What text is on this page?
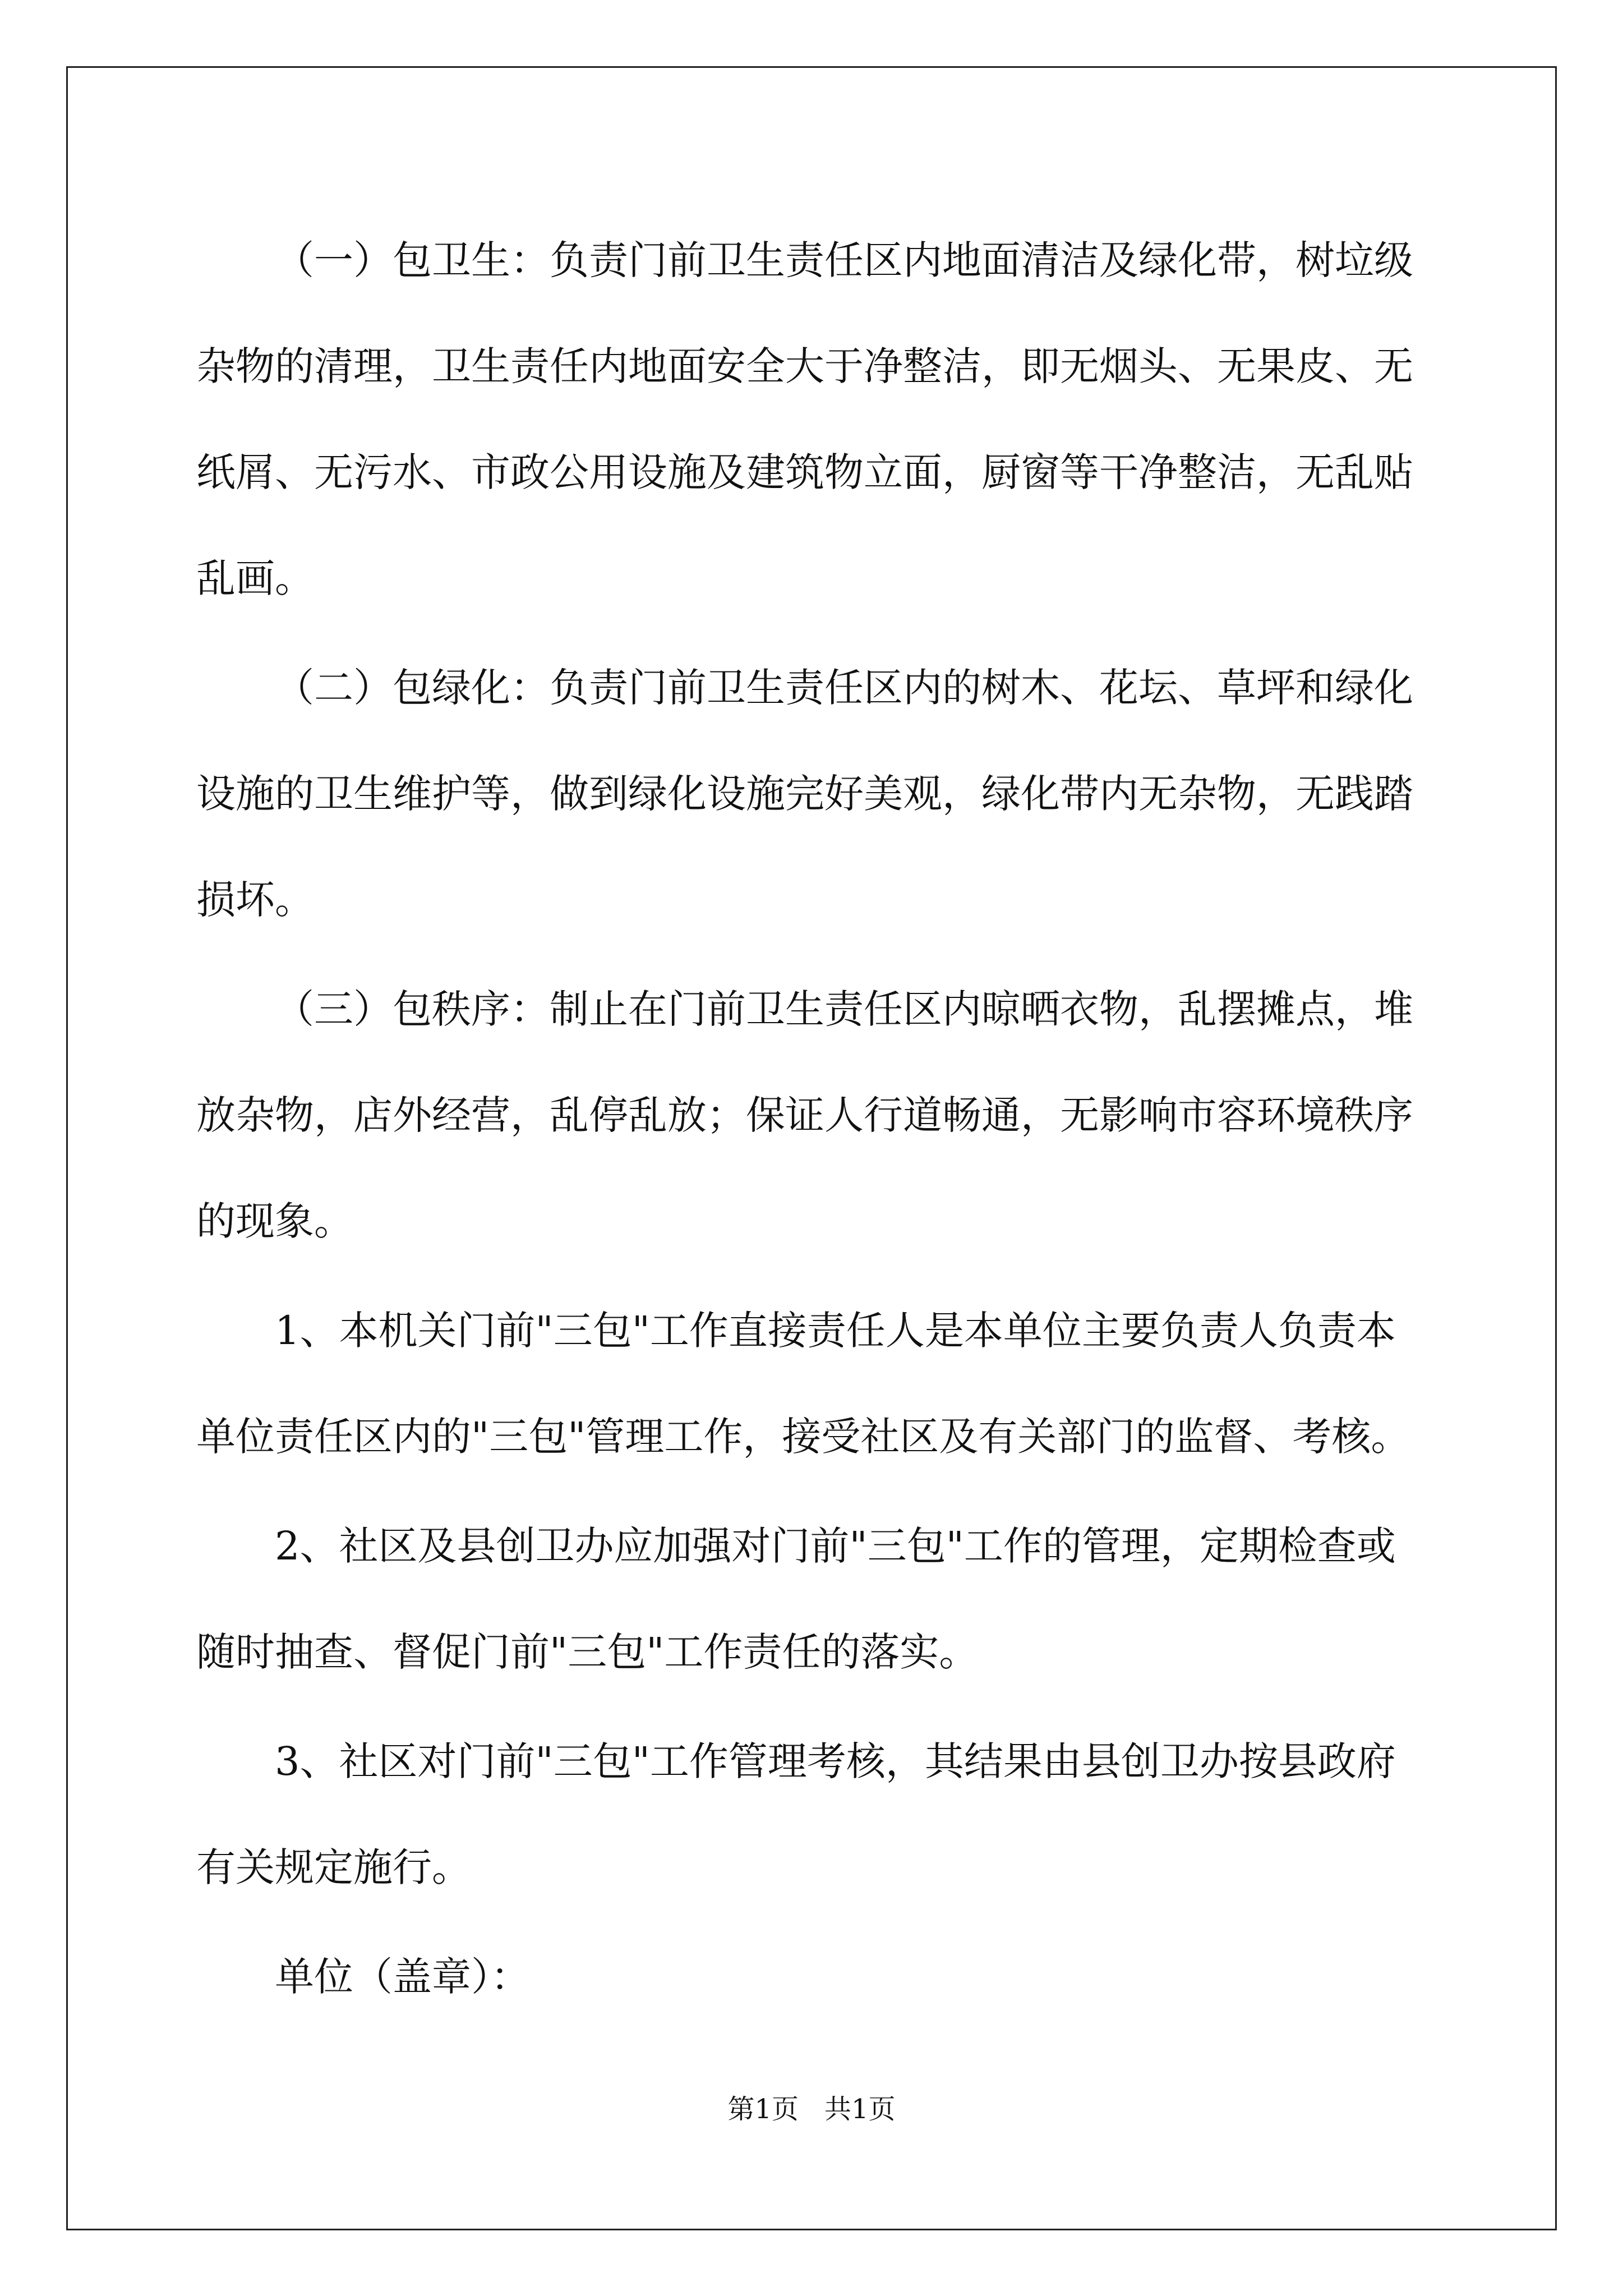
（一）包卫生：负责门前卫生责任区内地面清洁及绿化带，树垃级杂物的清理，卫生责任内地面安全大于净整洁，即无烟头、无果皮、无纸屑、无污水、市政公用设施及建筑物立面，厨窗等干净整洁，无乱贴乱画。

（二）包绿化：负责门前卫生责任区内的树木、花坛、草坪和绿化设施的卫生维护等，做到绿化设施完好美观，绿化带内无杂物，无践踏损坏。

（三）包秩序：制止在门前卫生责任区内晾晒衣物，乱摆摊点，堆放杂物，店外经营，乱停乱放；保证人行道畅通，无影响市容环境秩序的现象。

1、本机关门前"三包"工作直接责任人是本单位主要负责人负责本单位责任区内的"三包"管理工作，接受社区及有关部门的监督、考核。

2、社区及县创卫办应加强对门前"三包"工作的管理，定期检查或随时抽查、督促门前"三包"工作责任的落实。

3、社区对门前"三包"工作管理考核，其结果由县创卫办按县政府有关规定施行。

单位（盖章）：

第1页 共1页
